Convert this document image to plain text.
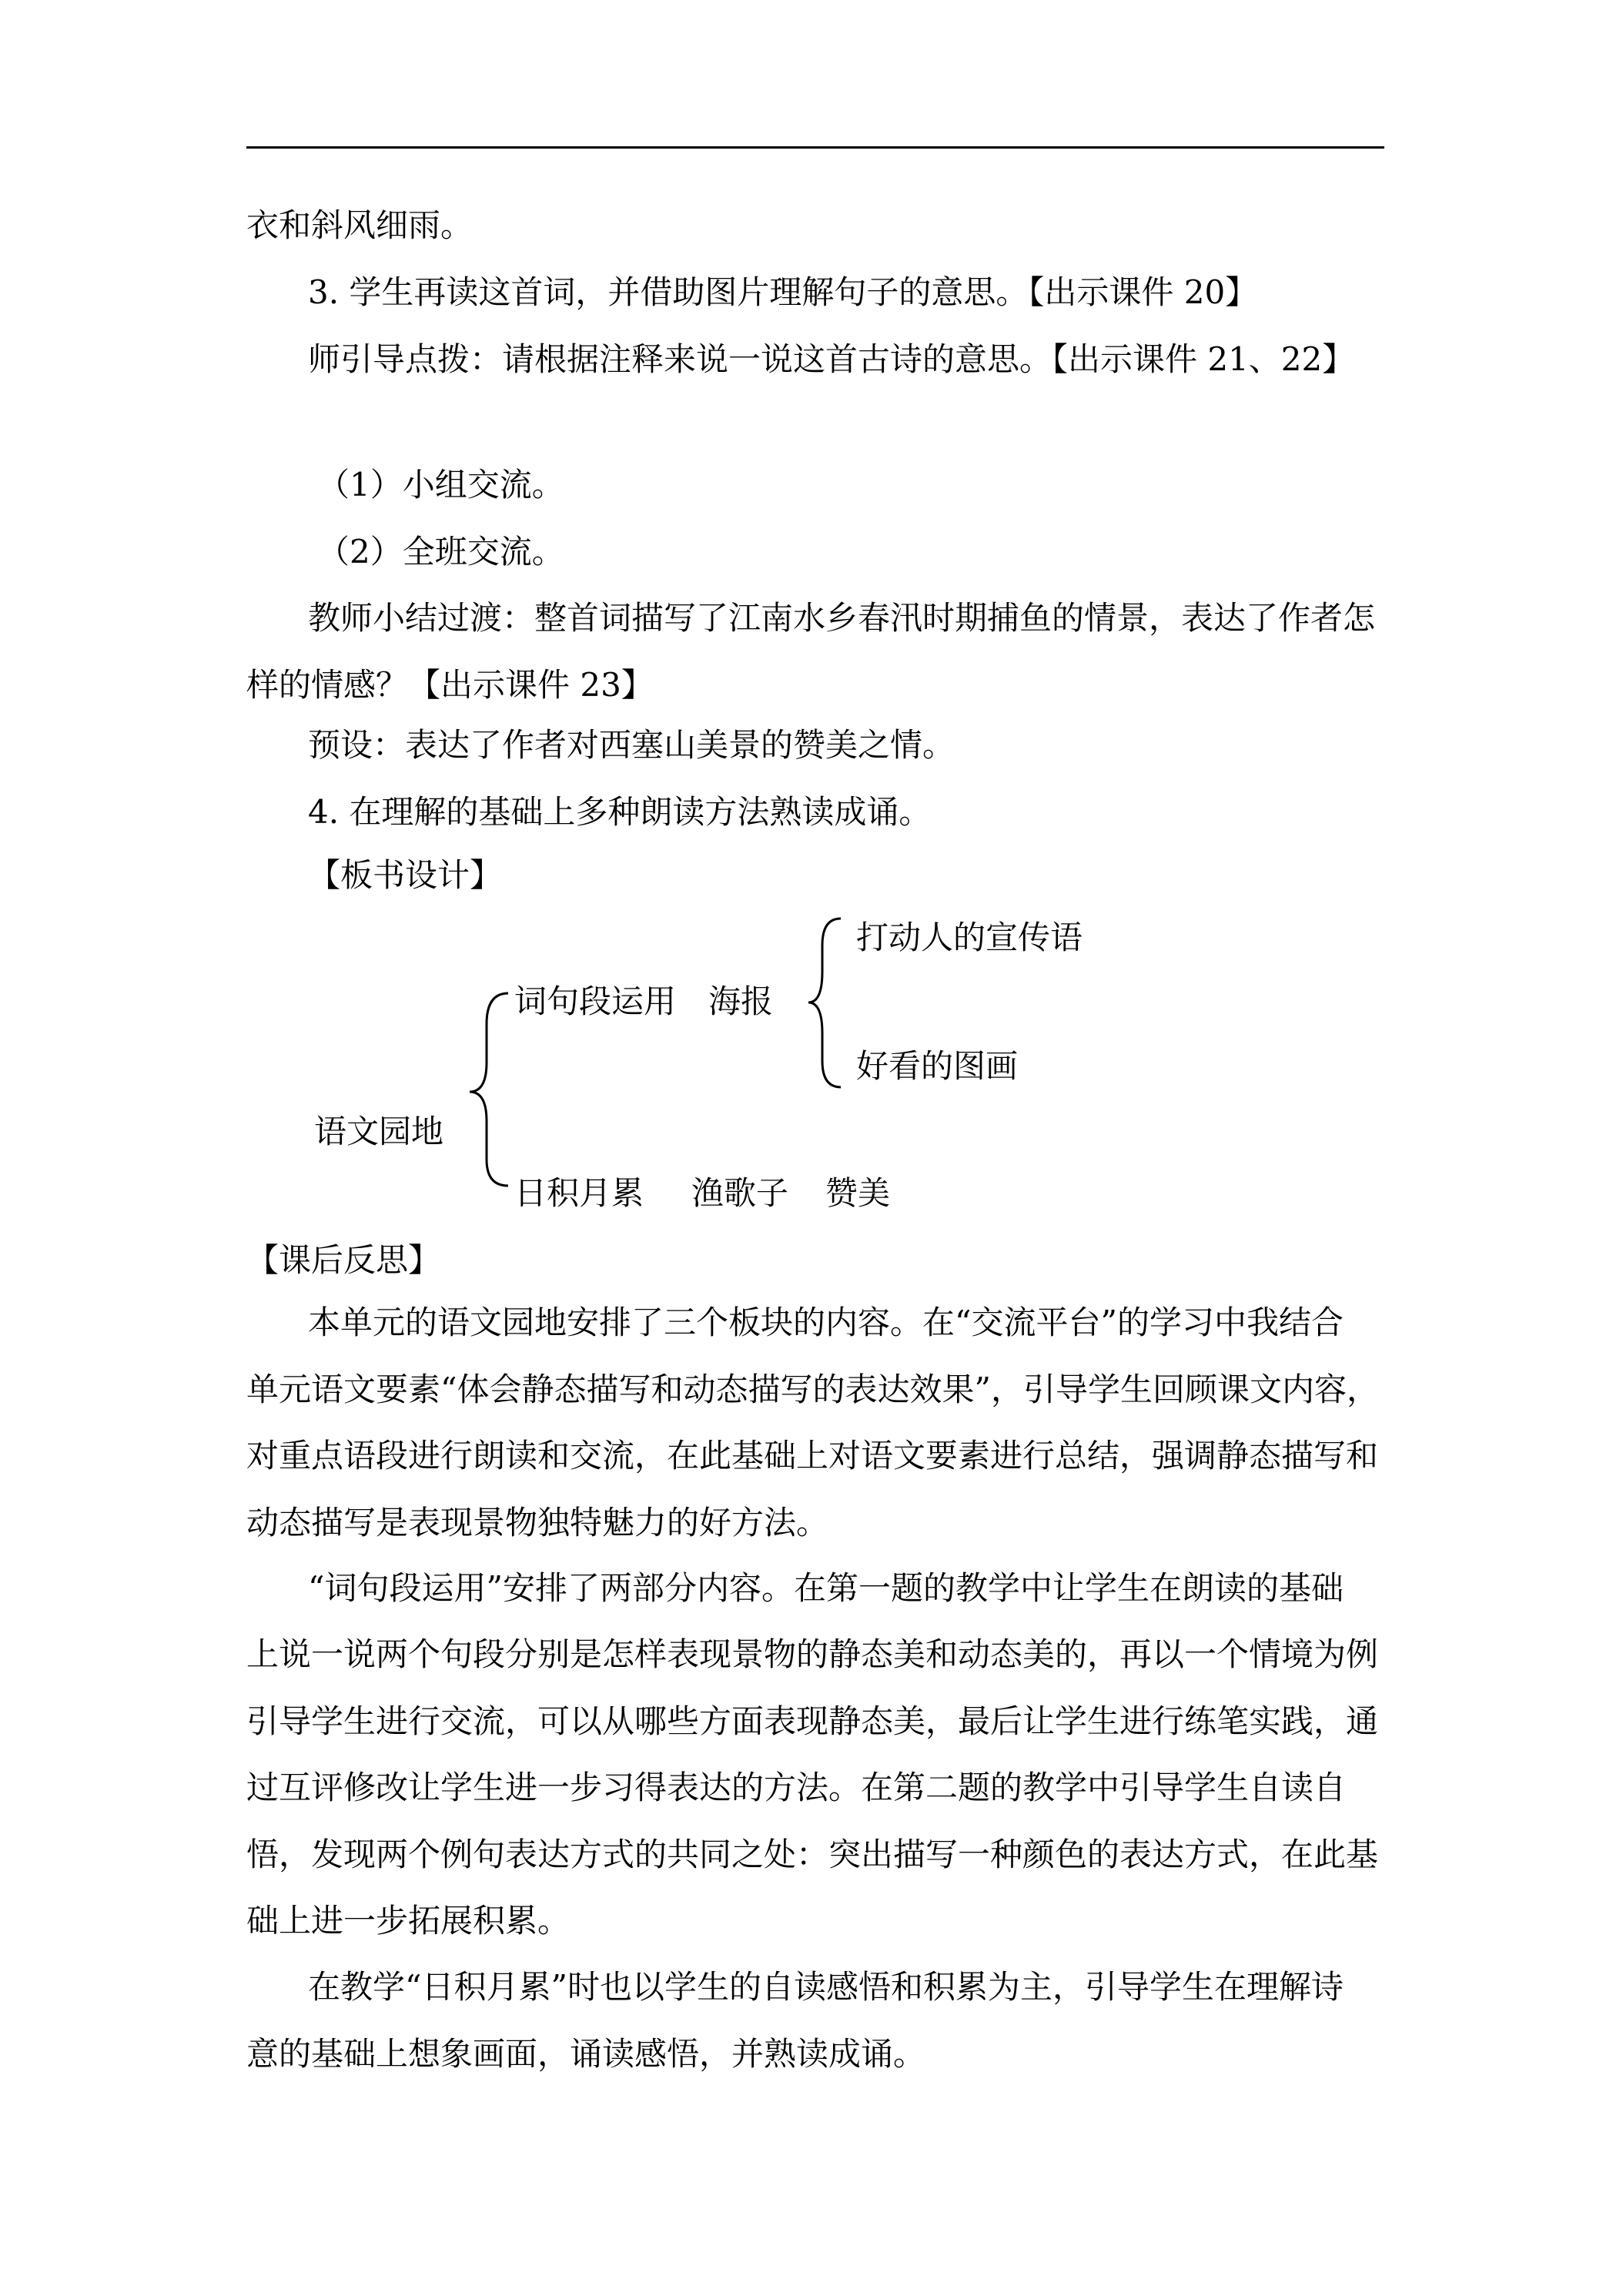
衣和斜风细雨。
3. 学生再读这首词，并借助图片理解句子的意思。【出示课件 20】
师引导点拨：请根据注释来说一说这首古诗的意思。【出示课件 21、22】
（1）小组交流。
（2）全班交流。
教师小结过渡：整首词描写了江南水乡春汛时期捕鱼的情景，表达了作者怎
样的情感？【出示课件 23】
预设：表达了作者对西塞山美景的赞美之情。
4. 在理解的基础上多种朗读方法熟读成诵。
【板书设计】
打动人的宣传语
词句段运用 海报
好看的图画
语文园地
日积月累 渔歌子 赞美
【课后反思】
本单元的语文园地安排了三个板块的内容。在“交流平台”的学习中我结合
单元语文要素“体会静态描写和动态描写的表达效果”，引导学生回顾课文内容，
对重点语段进行朗读和交流，在此基础上对语文要素进行总结，强调静态描写和
动态描写是表现景物独特魅力的好方法。
“词句段运用”安排了两部分内容。在第一题的教学中让学生在朗读的基础
上说一说两个句段分别是怎样表现景物的静态美和动态美的，再以一个情境为例
引导学生进行交流，可以从哪些方面表现静态美，最后让学生进行练笔实践，通
过互评修改让学生进一步习得表达的方法。在第二题的教学中引导学生自读自
悟，发现两个例句表达方式的共同之处：突出描写一种颜色的表达方式，在此基
础上进一步拓展积累。
在教学“日积月累”时也以学生的自读感悟和积累为主，引导学生在理解诗
意的基础上想象画面，诵读感悟，并熟读成诵。
